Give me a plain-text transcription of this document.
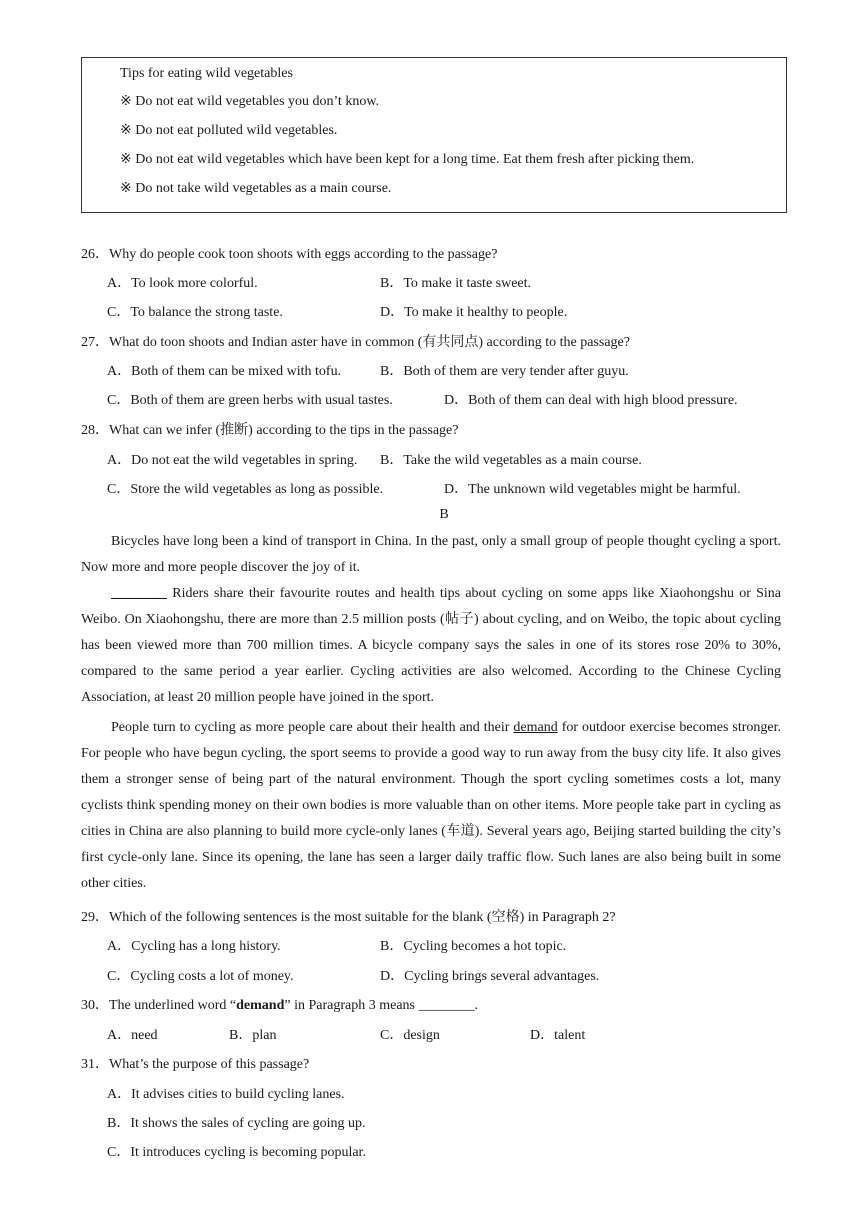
Tips for eating wild vegetables
※ Do not eat wild vegetables you don’t know.
※ Do not eat polluted wild vegetables.
※ Do not eat wild vegetables which have been kept for a long time. Eat them fresh after picking them.
※ Do not take wild vegetables as a main course.
26．Why do people cook toon shoots with eggs according to the passage?
A．To look more colorful.	B．To make it taste sweet.
C．To balance the strong taste.	D．To make it healthy to people.
27．What do toon shoots and Indian aster have in common (有共同点) according to the passage?
A．Both of them can be mixed with tofu.	B．Both of them are very tender after guyu.
C．Both of them are green herbs with usual tastes.	D．Both of them can deal with high blood pressure.
28．What can we infer (推断) according to the tips in the passage?
A．Do not eat the wild vegetables in spring. B．Take the wild vegetables as a main course.
C．Store the wild vegetables as long as possible.	D．The unknown wild vegetables might be harmful.
B
Bicycles have long been a kind of transport in China. In the past, only a small group of people thought cycling a sport. Now more and more people discover the joy of it.
________ Riders share their favourite routes and health tips about cycling on some apps like Xiaohongshu or Sina Weibo. On Xiaohongshu, there are more than 2.5 million posts (帖子) about cycling, and on Weibo, the topic about cycling has been viewed more than 700 million times. A bicycle company says the sales in one of its stores rose 20% to 30%, compared to the same period a year earlier. Cycling activities are also welcomed. According to the Chinese Cycling Association, at least 20 million people have joined in the sport.
People turn to cycling as more people care about their health and their demand for outdoor exercise becomes stronger. For people who have begun cycling, the sport seems to provide a good way to run away from the busy city life. It also gives them a stronger sense of being part of the natural environment. Though the sport cycling sometimes costs a lot, many cyclists think spending money on their own bodies is more valuable than on other items. More people take part in cycling as cities in China are also planning to build more cycle-only lanes (车道). Several years ago, Beijing started building the city’s first cycle-only lane. Since its opening, the lane has seen a larger daily traffic flow. Such lanes are also being built in some other cities.
29．Which of the following sentences is the most suitable for the blank (空格) in Paragraph 2?
A．Cycling has a long history.	B．Cycling becomes a hot topic.
C．Cycling costs a lot of money.	D．Cycling brings several advantages.
30．The underlined word “demand” in Paragraph 3 means ________.
A．need	B．plan	C．design	D．talent
31．What’s the purpose of this passage?
A．It advises cities to build cycling lanes.
B．It shows the sales of cycling are going up.
C．It introduces cycling is becoming popular.
